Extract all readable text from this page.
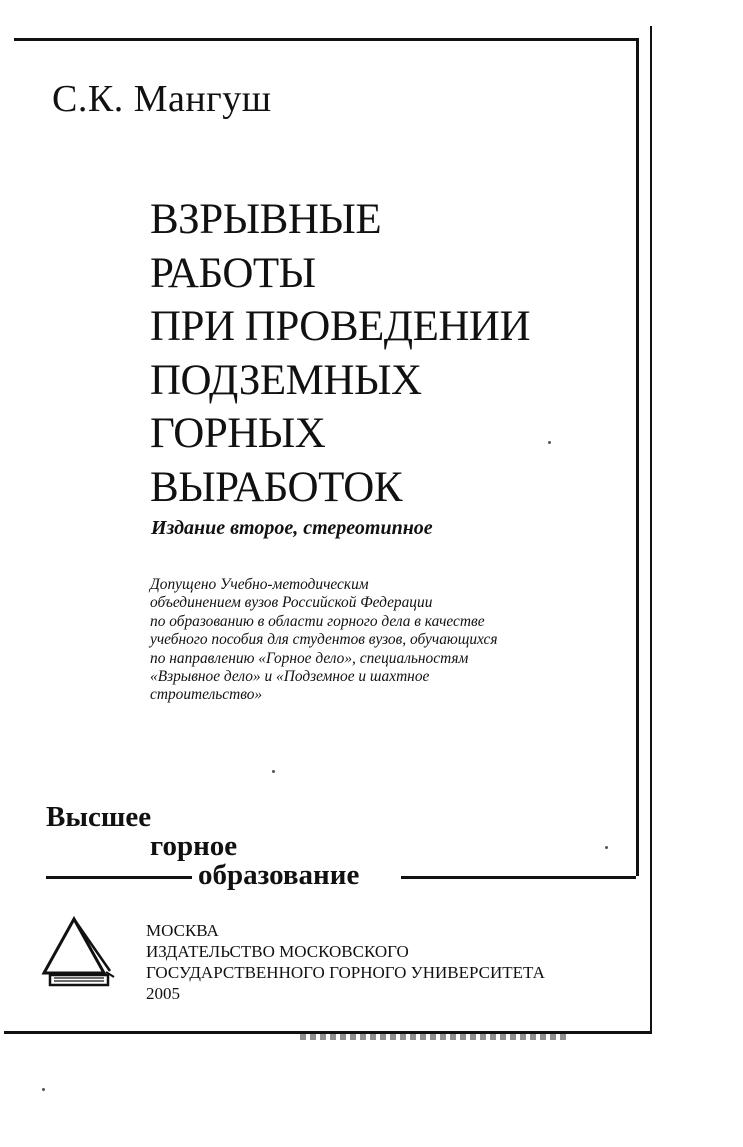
С.К. Мангуш
ВЗРЫВНЫЕ
РАБОТЫ
ПРИ ПРОВЕДЕНИИ
ПОДЗЕМНЫХ
ГОРНЫХ
ВЫРАБОТОК
Издание второе, стереотипное
Допущено Учебно-методическим
объединением вузов Российской Федерации
по образованию в области горного дела в качестве
учебного пособия для студентов вузов, обучающихся
по направлению «Горное дело», специальностям
«Взрывное дело» и «Подземное и шахтное
строительство»
Высшее
горное
образование
МОСКВА
ИЗДАТЕЛЬСТВО МОСКОВСКОГО
ГОСУДАРСТВЕННОГО ГОРНОГО УНИВЕРСИТЕТА
2005
